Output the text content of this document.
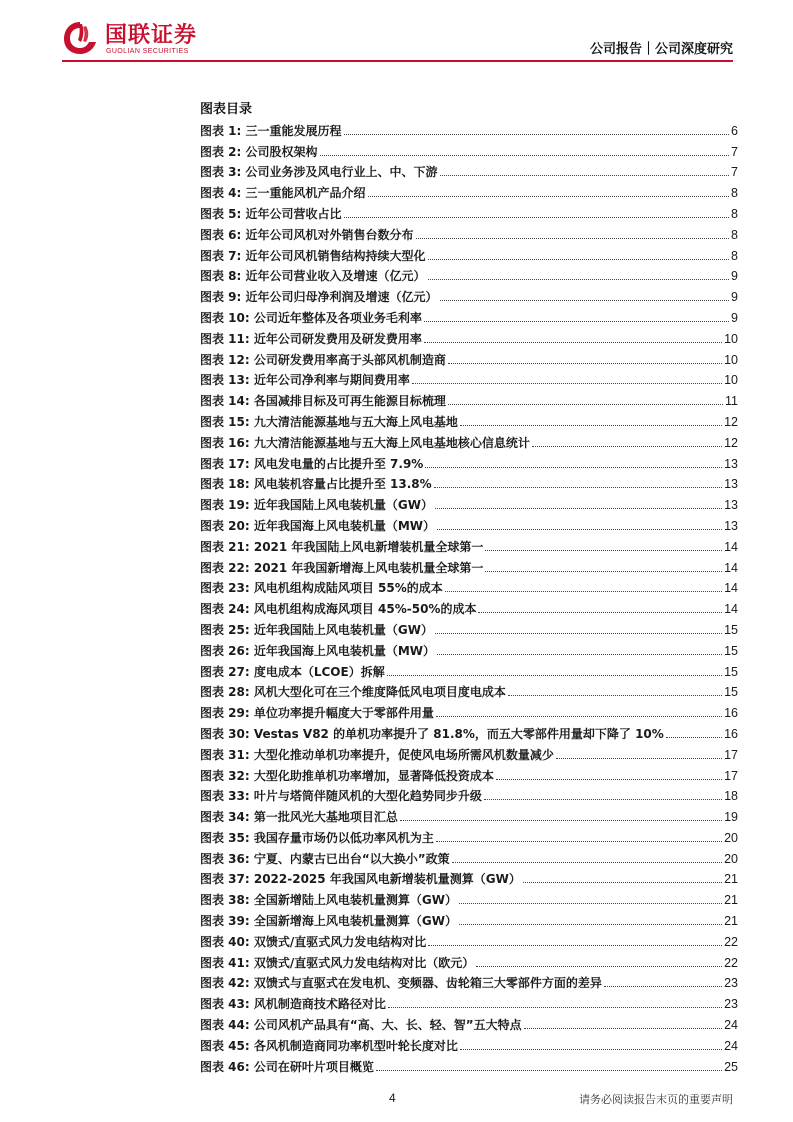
国联证券
GUOLIAN SECURITIES	公司报告｜公司深度研究
图表目录
图表 1: 三一重能发展历程	6
图表 2: 公司股权架构	7
图表 3: 公司业务涉及风电行业上、中、下游	7
图表 4: 三一重能风机产品介绍	8
图表 5: 近年公司营收占比	8
图表 6: 近年公司风机对外销售台数分布	8
图表 7: 近年公司风机销售结构持续大型化	8
图表 8: 近年公司营业收入及增速（亿元）	9
图表 9: 近年公司归母净利润及增速（亿元）	9
图表 10: 公司近年整体及各项业务毛利率	9
图表 11: 近年公司研发费用及研发费用率	10
图表 12: 公司研发费用率高于头部风机制造商	10
图表 13: 近年公司净利率与期间费用率	10
图表 14: 各国减排目标及可再生能源目标梳理	11
图表 15: 九大清洁能源基地与五大海上风电基地	12
图表 16: 九大清洁能源基地与五大海上风电基地核心信息统计	12
图表 17: 风电发电量的占比提升至 7.9%	13
图表 18: 风电装机容量占比提升至 13.8%	13
图表 19: 近年我国陆上风电装机量（GW）	13
图表 20: 近年我国海上风电装机量（MW）	13
图表 21: 2021 年我国陆上风电新增装机量全球第一	14
图表 22: 2021 年我国新增海上风电装机量全球第一	14
图表 23: 风电机组构成陆风项目 55%的成本	14
图表 24: 风电机组构成海风项目 45%-50%的成本	14
图表 25: 近年我国陆上风电装机量（GW）	15
图表 26: 近年我国海上风电装机量（MW）	15
图表 27: 度电成本（LCOE）拆解	15
图表 28: 风机大型化可在三个维度降低风电项目度电成本	15
图表 29: 单位功率提升幅度大于零部件用量	16
图表 30: Vestas V82 的单机功率提升了 81.8%，而五大零部件用量却下降了 10%	16
图表 31: 大型化推动单机功率提升，促使风电场所需风机数量减少	17
图表 32: 大型化助推单机功率增加，显著降低投资成本	17
图表 33: 叶片与塔筒伴随风机的大型化趋势同步升级	18
图表 34: 第一批风光大基地项目汇总	19
图表 35: 我国存量市场仍以低功率风机为主	20
图表 36: 宁夏、内蒙古已出台“以大换小”政策	20
图表 37: 2022-2025 年我国风电新增装机量测算（GW）	21
图表 38: 全国新增陆上风电装机量测算（GW）	21
图表 39: 全国新增海上风电装机量测算（GW）	21
图表 40: 双馈式/直驱式风力发电结构对比	22
图表 41: 双馈式/直驱式风力发电结构对比（欧元）	22
图表 42: 双馈式与直驱式在发电机、变频器、齿轮箱三大零部件方面的差异	23
图表 43: 风机制造商技术路径对比	23
图表 44: 公司风机产品具有“高、大、长、轻、智”五大特点	24
图表 45: 各风机制造商同功率机型叶轮长度对比	24
图表 46: 公司在研叶片项目概览	25
4	请务必阅读报告末页的重要声明
